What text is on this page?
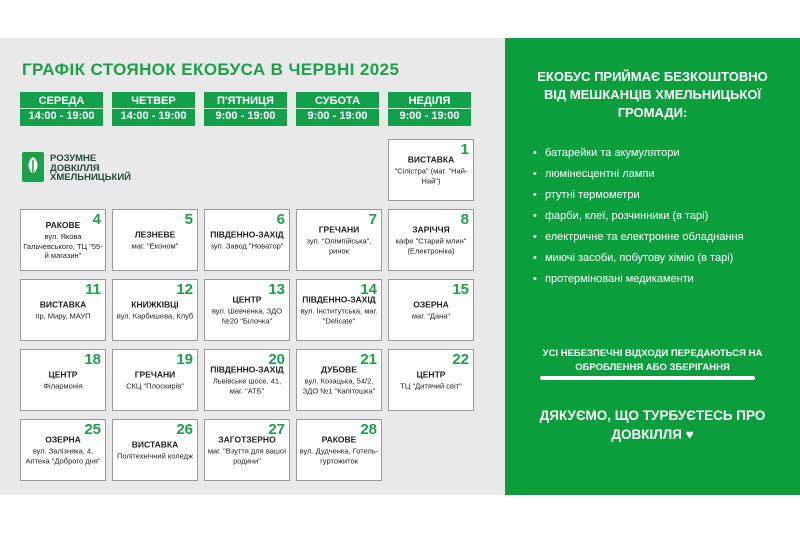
ГРАФІК СТОЯНОК ЕКОБУСА В ЧЕРВНІ 2025
СЕРЕДА
14:00 - 19:00
ЧЕТВЕР
14:00 - 19:00
П'ЯТНИЦЯ
9:00 - 19:00
СУБОТА
9:00 - 19:00
НЕДІЛЯ
9:00 - 19:00
РОЗУМНЕ
ДОВКІЛЛЯ
ХМЕЛЬНИЦЬКИЙ
1
ВИСТАВКА
"Сілістра" (маг. "Най-Най")
4
РАКОВЕ
вул. Якова Гальчевського, ТЦ "55-й магазин"
5
ЛЕЗНЕВЕ
маг. "Економ"
6
ПІВДЕННО-ЗАХІД
зуп. Завод "Новатор"
7
ГРЕЧАНИ
зуп. "Олімпійська", ринок
8
ЗАРІЧЧЯ
кафе "Старий млин" (Електроніка)
11
ВИСТАВКА
пр. Миру, МАУП
12
КНИЖКІВЦІ
вул. Карбишева, Клуб
13
ЦЕНТР
вул. Шевченка, ЗДО №20 "Білочка"
14
ПІВДЕННО-ЗАХІД
вул. Інститутська, маг. "Delicate"
15
ОЗЕРНА
маг. "Дана"
18
ЦЕНТР
Філармонія
19
ГРЕЧАНИ
СКЦ "Плоскирів"
20
ПІВДЕННО-ЗАХІД
Львівське шосе, 41, маг. "АТБ"
21
ДУБОВЕ
вул. Козацька, 54/2, ЗДО №1 "Капітошка"
22
ЦЕНТР
ТЦ "Дитячий світ"
25
ОЗЕРНА
вул. Залізняка, 4, Аптека "Доброго дня"
26
ВИСТАВКА
Політехнічний коледж
27
ЗАГОТЗЕРНО
маг. "Взуття для вашої родини"
28
РАКОВЕ
вул. Дудченка, Готель-гуртожиток
ЕКОБУС ПРИЙМАЄ БЕЗКОШТОВНО ВІД МЕШКАНЦІВ ХМЕЛЬНИЦЬКОЇ ГРОМАДИ:
• батарейки та акумулятори
• люмінесцентні лампи
• ртутні термометри
• фарби, клеї, розчинники (в тарі)
• електричне та електронне обладнання
• миючі засоби, побутову хімію (в тарі)
• протерміновані медикаменти
УСІ НЕБЕЗПЕЧНІ ВІДХОДИ ПЕРЕДАЮТЬСЯ НА ОБРОБЛЕННЯ АБО ЗБЕРІГАННЯ
ДЯКУЄМО, ЩО ТУРБУЄТЕСЬ ПРО ДОВКІЛЛЯ ♥
